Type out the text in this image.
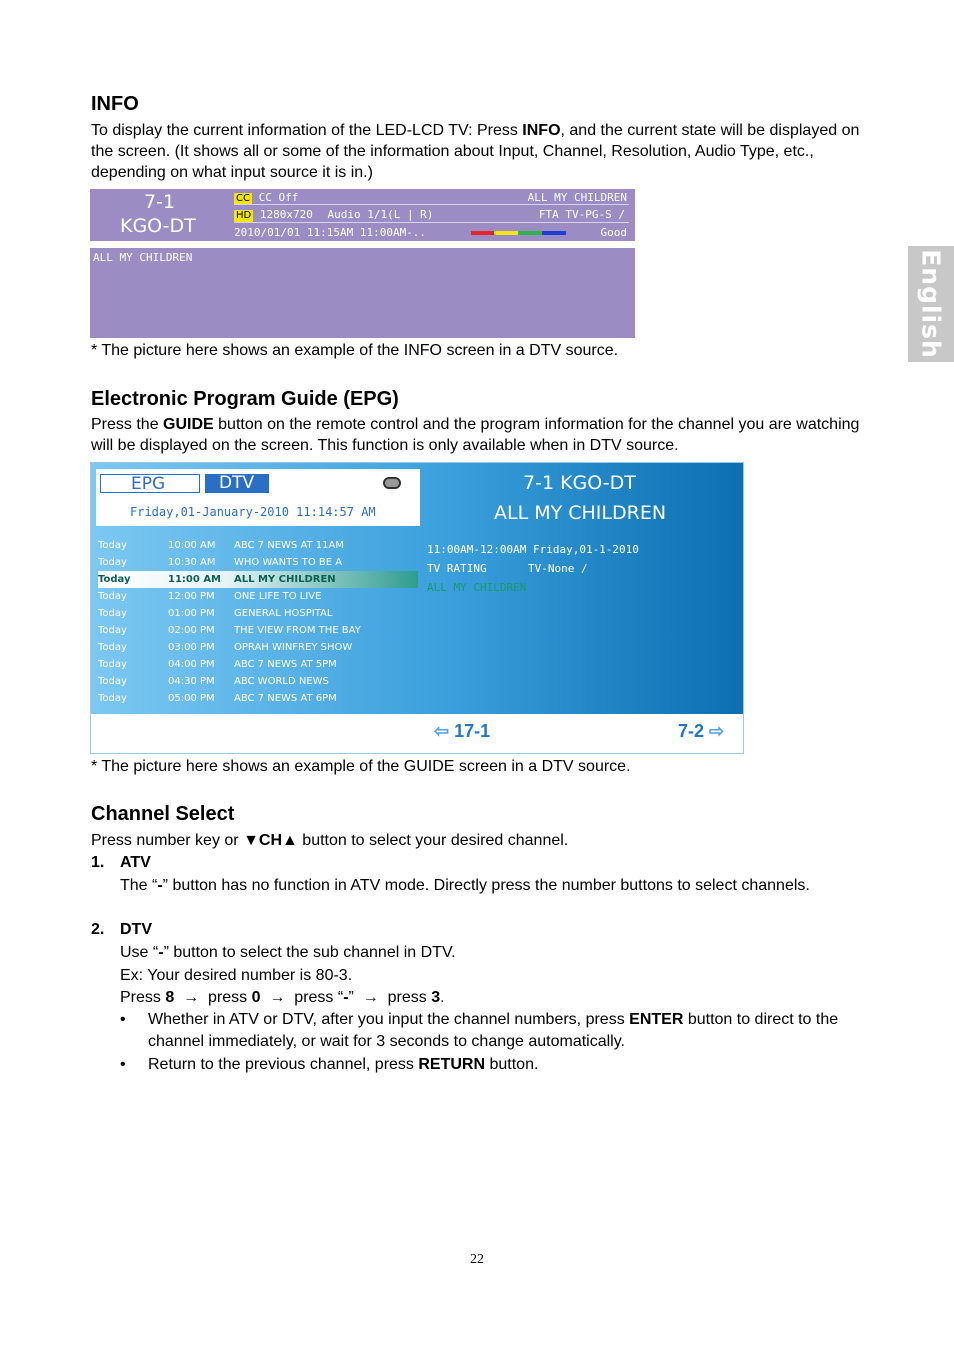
English
INFO
To display the current information of the LED-LCD TV: Press INFO, and the current state will be displayed on the screen. (It shows all or some of the information about Input, Channel, Resolution, Audio Type, etc., depending on what input source it is in.)
7-1
KGO-DT
CC CC Off	ALL MY CHILDREN
HD 1280x720 Audio 1/1(L | R)	FTA TV-PG-S /
2010/01/01 11:15AM 11:00AM-..	Good
ALL MY CHILDREN
* The picture here shows an example of the INFO screen in a DTV source.
Electronic Program Guide (EPG)
Press the GUIDE button on the remote control and the program information for the channel you are watching will be displayed on the screen. This function is only available when in DTV source.
EPG	DTV
Friday,01-January-2010 11:14:57 AM
Today	10:00 AM ABC 7 NEWS AT 11AM
Today	10:30 AM WHO WANTS TO BE A
Today	11:00 AM ALL MY CHILDREN
Today	12:00 PM ONE LIFE TO LIVE
Today	01:00 PM GENERAL HOSPITAL
Today	02:00 PM THE VIEW FROM THE BAY
Today	03:00 PM OPRAH WINFREY SHOW
Today	04:00 PM ABC 7 NEWS AT 5PM
Today	04:30 PM ABC WORLD NEWS
Today	05:00 PM ABC 7 NEWS AT 6PM
7-1 KGO-DT
ALL MY CHILDREN
11:00AM-12:00AM Friday,01-1-2010
TV RATING	TV-None /
ALL MY CHILDREN
⇦ 17-1	7-2 ⇨
* The picture here shows an example of the GUIDE screen in a DTV source.
Channel Select
Press number key or ▼CH▲ button to select your desired channel.
1. ATV
The “-” button has no function in ATV mode. Directly press the number buttons to select channels.
2. DTV
Use “-” button to select the sub channel in DTV.
Ex: Your desired number is 80-3.
Press 8 → press 0 → press “-” → press 3.
• Whether in ATV or DTV, after you input the channel numbers, press ENTER button to direct to the channel immediately, or wait for 3 seconds to change automatically.
• Return to the previous channel, press RETURN button.
22
